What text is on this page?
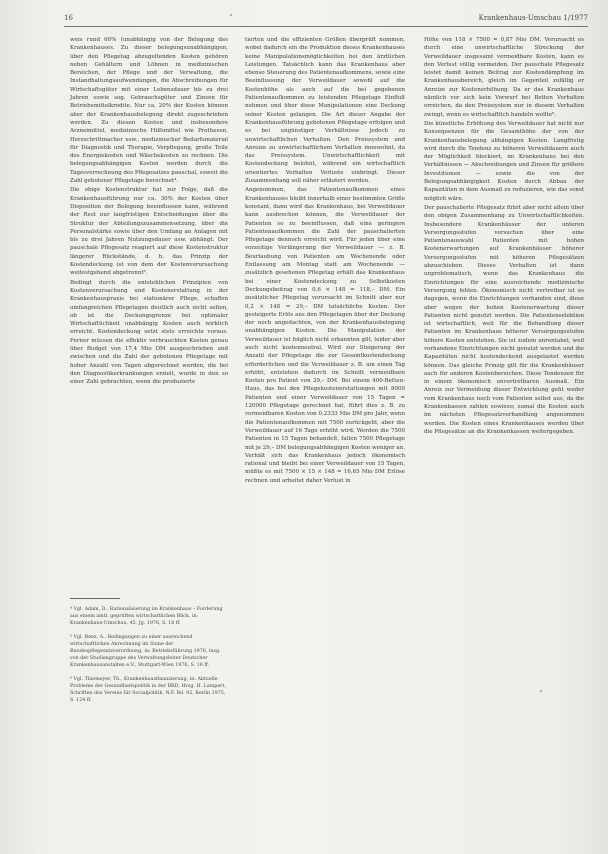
16	Krankenhaus-Umschau 1/1977

weis rund 60% (unabhängig von der Belegung des Krankenhauses. Zu dieser belegungsunabhängigen, über den Pflegetag abzugeltenden Kosten gehören neben Gehältern und Löhnen in medizinischen Bereichen, der Pflege und der Verwaltung, die Instandhaltungsaufwendungen, die Abschreibungen für Wirtschaftsgüter mit einer Lebensdauer bis zu drei Jahren sowie sog. Gebrauchsgüter und Zinsen für Betriebsmittelkredite. Nur ca. 20% der Kosten können aber der Krankenhausbelegung direkt zugeschrieben werden. Zu diesen Kosten und insbesondere Arzneimittel, medizinische Hilfsmittel wie Prothesen, Herzschrittmacher usw., medizinischer Bedarfsmaterial für Diagnostik und Therapie, Verpflegung, große Teile des Energiekosten und Wäschekosten zu rechnen. Die belegungsabhängigen Kosten werden durch die Tagesverrechnung des Pflegesatzes pauschal, soweit die Zahl gebotener Pflegetage berechnet⁴.

Die obige Kostenstruktur hat zur Folge, daß die Krankenhausführung nur ca. 30% der Kosten über Disposition der Belegung beeinflussen kann, während der Rest nur langfristigen Entscheidungen über die Struktur der Abteilungszusammensetzung, über die Personalstärke sowie über den Umfang an Anlagen mit bis zu drei Jahren Nutzungsdauer usw. abhängt. Der pauschale Pflegesatz reagiert auf diese Kostenstruktur längerer Rückstände, d. h. das Prinzip der Kostendeckung ist von dem der Kostenverursachung weitestgehend abgetrennt⁵.

Bedingt durch die entstehlichen Prinzipien von Kostenverursachung und Kostenerstattung in der Krankenhauspraxis bei stationärer Pflege, schaffen umfangreichen Pflegetagen deutlich auch nicht selten, ob ist die Deckungsgrenze bei optimaler Wirtschaftlichkeit unabhängig Kosten auch wirklich erreicht. Kostendeckung setzt stets erreichte voraus. Ferner müssen die effektiv verbrauchten Kosten genau über Budget von 17,4 Mio DM ausgeschrieben und zwischen und die Zahl der gebotenen Pflegetage mit hoher Anzahl von Tagen abgerechnet werden, die bei den Diagnostikerkrankungen erzielt, wurde in den so einer Zahl gebrachten, wenn die produzierte

tierten und die effizienten Größen überprüft nommen, wobei dadurch ein die Produktion dieses Krankenhauses keine Manipulationsmöglichkeiten bei den ärztlichen Leistungen. Tatsächlich kann das Krankenhaus aber ebenso Steuerung des Patientenaufkommens, sowie eine Beeinflussung der Verweildauer sowohl auf die Kostenhöhe als auch auf die bei gegebenen Patientenaufkommen zu leistenden Pflegetage Einfluß nehmen und über diese Manipulationen eine Deckung seiner Kosten gelangen. Die Art dieser Angabe der Krankenhausführung gebotenen Pflegetage erfolgen und es bei ungünstiger Verhältnisse jedoch zu unwirtschaftlichen Verhalten. Den Preissystem und Anreize zu unwirtschaftlichem Verhalten innewohnt, da das Preissystem. Unwirtschaftlichkeit mit Kostendeckung belohnt, während ein wirtschaftlich orientiertes Verhalten Verluste einbringt. Dieser Zusammenhang soll näher erläutert werden.

Angenommen, das Patientenaufkommen eines Krankenhauses bleibt innerhalb einer bestimmten Größe konstant, dann wird das Krankenhaus, bei Verweildauer kann ausbrechen können, die Verweildauer der Patienten so zu beeinflussen, daß eine geringere Patientenaufkommen die Zahl der pauschalierten Pflegetage dennoch erreicht wird. Für jeden über eine vorzeitige Verlängerung der Verweildauer — z. B. Beurlaubung von Patienten am Wochenende oder Entlassung am Montag statt am Wochenende — zusätzlich gesehenen Pflegetag erhält das Krankenhaus bei einer Kostendeckung zu Selbstkosten Deckungsbeitrag von 0,6 × 148 = 118,– DM. Ein zusätzlicher Pflegetag verursacht im Schnitt aber nur 0,2 × 148 = 29,– DM tatsächliche Kosten. Der gesteigerte Erlös aus den Pflegetagen über der Deckung der noch angedachten, von der Krankenhausbelegung unabhängigen Kosten. Die Manipulation der Verweildauer ist folglich nicht erkannten gilt, leider aber auch nicht kostenneutral. Wird zur Steigerung der Anzahl der Pflegetage die zur Gesamtkostendeckung erforderlichen und die Verweildauer z. B. um einen Tag erhöht, entstehen dadurch im Schnitt vermeidbare Kosten pro Patient von 29,– DM. Bei einem 400-Betten-Haus, das bei den Pflegekostenerstattungen mit 8000 Patienten und einer Verweildauer von 15 Tagen = 120000 Pflegetage gerechnet hat, führt dies z. B. zu vermeidbaren Kosten von 0,2333 Mio DM pro Jahr, wenn die Patientenaufkommen mit 7500 zurückgeht, aber die Verweildauer auf 16 Tage erhöht wird. Werden die 7500 Patienten in 15 Tagen behandelt, fallen 7500 Pflegetage mit je 29,– DM belegungsabhängigen Kosten weniger an. Verhält sich das Krankenhaus jedoch ökonomisch rational und bleibt bei einer Verweildauer von 15 Tagen, müßte es mit 7500 × 15 × 148 = 16,65 Mio DM Erlöse rechnen und arbeitet daher Verlust in

Höhe von 118 × 7500 = 0,87 Mio DM. Verursacht es durch eine unwirtschaftliche Streckung der Verweildauer insgesamt vermeidbare Kosten, kann es den Verlust völlig vermeiden. Der pauschale Pflegesatz leistet damit keinen Beitrag zur Kostendämpfung im Krankenhausbereich, gleich im Gegenteil zufällig er Anreize zur Kostenerhöhung. Da er das Krankenhaus nämlich vor sich kein Vorwurf bei Betten Verhalten erreichen, da den Preissystem nur in diesem Verhalten zwingt, wenn es wirtschaftlich handeln wollte⁶.

Die künstliche Erhöhung des Verweildauer hat nicht nur Konsequenzen für die Gesamthöhe der von der Krankenhausbelegung abhängigen Kosten. Langfristig wird durch die Tendenz zu höheren Verweildauern auch der Möglichkeit blockiert, im Krankenhaus bei den Verhältnissen — Abschreibungen und Zinsen für größere Investitionen — sowie die von der Belegungsabhängigkeit Kosten durch Abbau der Kapazitäten in dem Ausmaß zu reduzieren, wie das sonst möglich wäre.

Der pauschalierte Pflegesatz führt aber nicht allein über den obigen Zusammenhang zu Unwirtschaftlichkeiten. Insbesondere Krankenhäuser der unteren Versorgungsstufen versuchen über eine Patientenauswahl Patienten mit hohen Kostenerwartungen auf Krankenhäuser höherer Versorgungsstufen mit höheren Pflegesätzen abzuschieben. Dieses Verhalten ist dann unproblematisch, wenn das Krankenhaus die Einrichtungen für eine ausreichende medizinische Versorgung fehlen. Ökonomisch nicht vertretbar ist es dagegen, wenn die Einrichtungen vorhanden sind, diese aber wegen der hohen Kostenerwartung dieser Patienten nicht genutzt werden. Die Patientenselektion ist wirtschaftlich, weil für die Behandlung dieser Patienten im Krankenhaus höherer Versorgungsstufen höhere Kosten entstehen. Sie ist zudem unrentabel, weil vorhandene Einrichtungen nicht genutzt werden und die Kapazitäten nicht kostendeckend ausgelastet werden können. Das gleiche Prinzip gilt für die Krankenhäuser auch für anderen Kostenbereichen. Diese Tendenzen für in einem ökonomisch unvertretbaren Ausmaß. Ein Anreiz zur Vermeidung dieser Entwicklung geht weder vom Krankenhaus noch vom Patienten selbst aus, da die Krankenkassen zahlen sowieso; zumal die Kosten auch im nächsten Pflegesatzverhandlung angenommen werden. Die Kosten eines Krankenhauses werden über die Pflegesätze an die Krankenkassen weitergegeben.

⁴ Vgl. Adam, D., Rationalisierung im Krankenhaus – Forderung aus einem amtl. geprüften wirtschaftlichen Blick, in: Krankenhaus-Umschau, 45. Jg. 1976, S. 18 ff.

⁵ Vgl. Benz, A., Bedingungen zu einer ausreichend wirtschaftlichen Abrechnung im Sinne der Bundespflegesatzverordnung, in: Betriebsführung 1976, insg. von der Studiengruppe des Verwaltungsleiter Deutscher Krankenhausanstalten e.V., Stuttgart-Wien 1976, S. 16 ff.

⁶ Vgl. Thiemeyer, Th., Krankenhausfinanzierung, in: Aktuelle Probleme der Gesundheitspolitik in der BRD, Hrsg. H. Lampert, Schriften des Vereins für Socialpolitik, N.F. Bd. 92, Berlin 1975, S. 124 ff.
